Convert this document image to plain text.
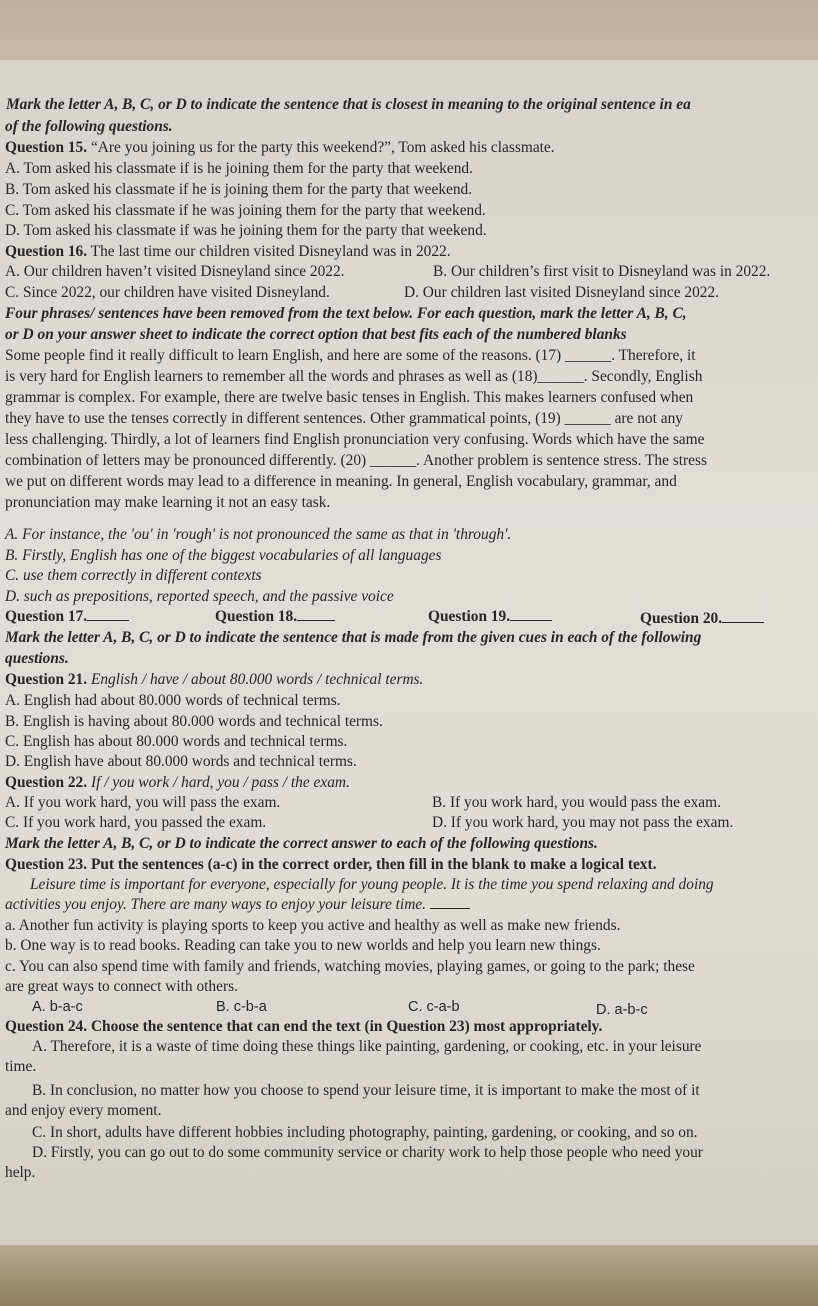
Mark the letter A, B, C, or D to indicate the sentence that is closest in meaning to the original sentence in ea
of the following questions.
Question 15. “Are you joining us for the party this weekend?”, Tom asked his classmate.
A. Tom asked his classmate if is he joining them for the party that weekend.
B. Tom asked his classmate if he is joining them for the party that weekend.
C. Tom asked his classmate if he was joining them for the party that weekend.
D. Tom asked his classmate if was he joining them for the party that weekend.
Question 16. The last time our children visited Disneyland was in 2022.
A. Our children haven’t visited Disneyland since 2022.	B. Our children’s first visit to Disneyland was in 2022.
C. Since 2022, our children have visited Disneyland.	D. Our children last visited Disneyland since 2022.
Four phrases/ sentences have been removed from the text below. For each question, mark the letter A, B, C,
or D on your answer sheet to indicate the correct option that best fits each of the numbered blanks
Some people find it really difficult to learn English, and here are some of the reasons. (17) ______. Therefore, it
is very hard for English learners to remember all the words and phrases as well as (18)______. Secondly, English
grammar is complex. For example, there are twelve basic tenses in English. This makes learners confused when
they have to use the tenses correctly in different sentences. Other grammatical points, (19) ______ are not any
less challenging. Thirdly, a lot of learners find English pronunciation very confusing. Words which have the same
combination of letters may be pronounced differently. (20) ______. Another problem is sentence stress. The stress
we put on different words may lead to a difference in meaning. In general, English vocabulary, grammar, and
pronunciation may make learning it not an easy task.
A. For instance, the 'ou' in 'rough' is not pronounced the same as that in 'through'.
B. Firstly, English has one of the biggest vocabularies of all languages
C. use them correctly in different contexts
D. such as prepositions, reported speech, and the passive voice
Question 17.	Question 18.	Question 19.	Question 20.
Mark the letter A, B, C, or D to indicate the sentence that is made from the given cues in each of the following
questions.
Question 21. English / have / about 80.000 words / technical terms.
A. English had about 80.000 words of technical terms.
B. English is having about 80.000 words and technical terms.
C. English has about 80.000 words and technical terms.
D. English have about 80.000 words and technical terms.
Question 22. If / you work / hard, you / pass / the exam.
A. If you work hard, you will pass the exam.	B. If you work hard, you would pass the exam.
C. If you work hard, you passed the exam.	D. If you work hard, you may not pass the exam.
Mark the letter A, B, C, or D to indicate the correct answer to each of the following questions.
Question 23. Put the sentences (a-c) in the correct order, then fill in the blank to make a logical text.
Leisure time is important for everyone, especially for young people. It is the time you spend relaxing and doing
activities you enjoy. There are many ways to enjoy your leisure time.
a. Another fun activity is playing sports to keep you active and healthy as well as make new friends.
b. One way is to read books. Reading can take you to new worlds and help you learn new things.
c. You can also spend time with family and friends, watching movies, playing games, or going to the park; these
are great ways to connect with others.
A. b-a-c	B. c-b-a	C. c-a-b	D. a-b-c
Question 24. Choose the sentence that can end the text (in Question 23) most appropriately.
A. Therefore, it is a waste of time doing these things like painting, gardening, or cooking, etc. in your leisure
time.
B. In conclusion, no matter how you choose to spend your leisure time, it is important to make the most of it
and enjoy every moment.
C. In short, adults have different hobbies including photography, painting, gardening, or cooking, and so on.
D. Firstly, you can go out to do some community service or charity work to help those people who need your
help.
